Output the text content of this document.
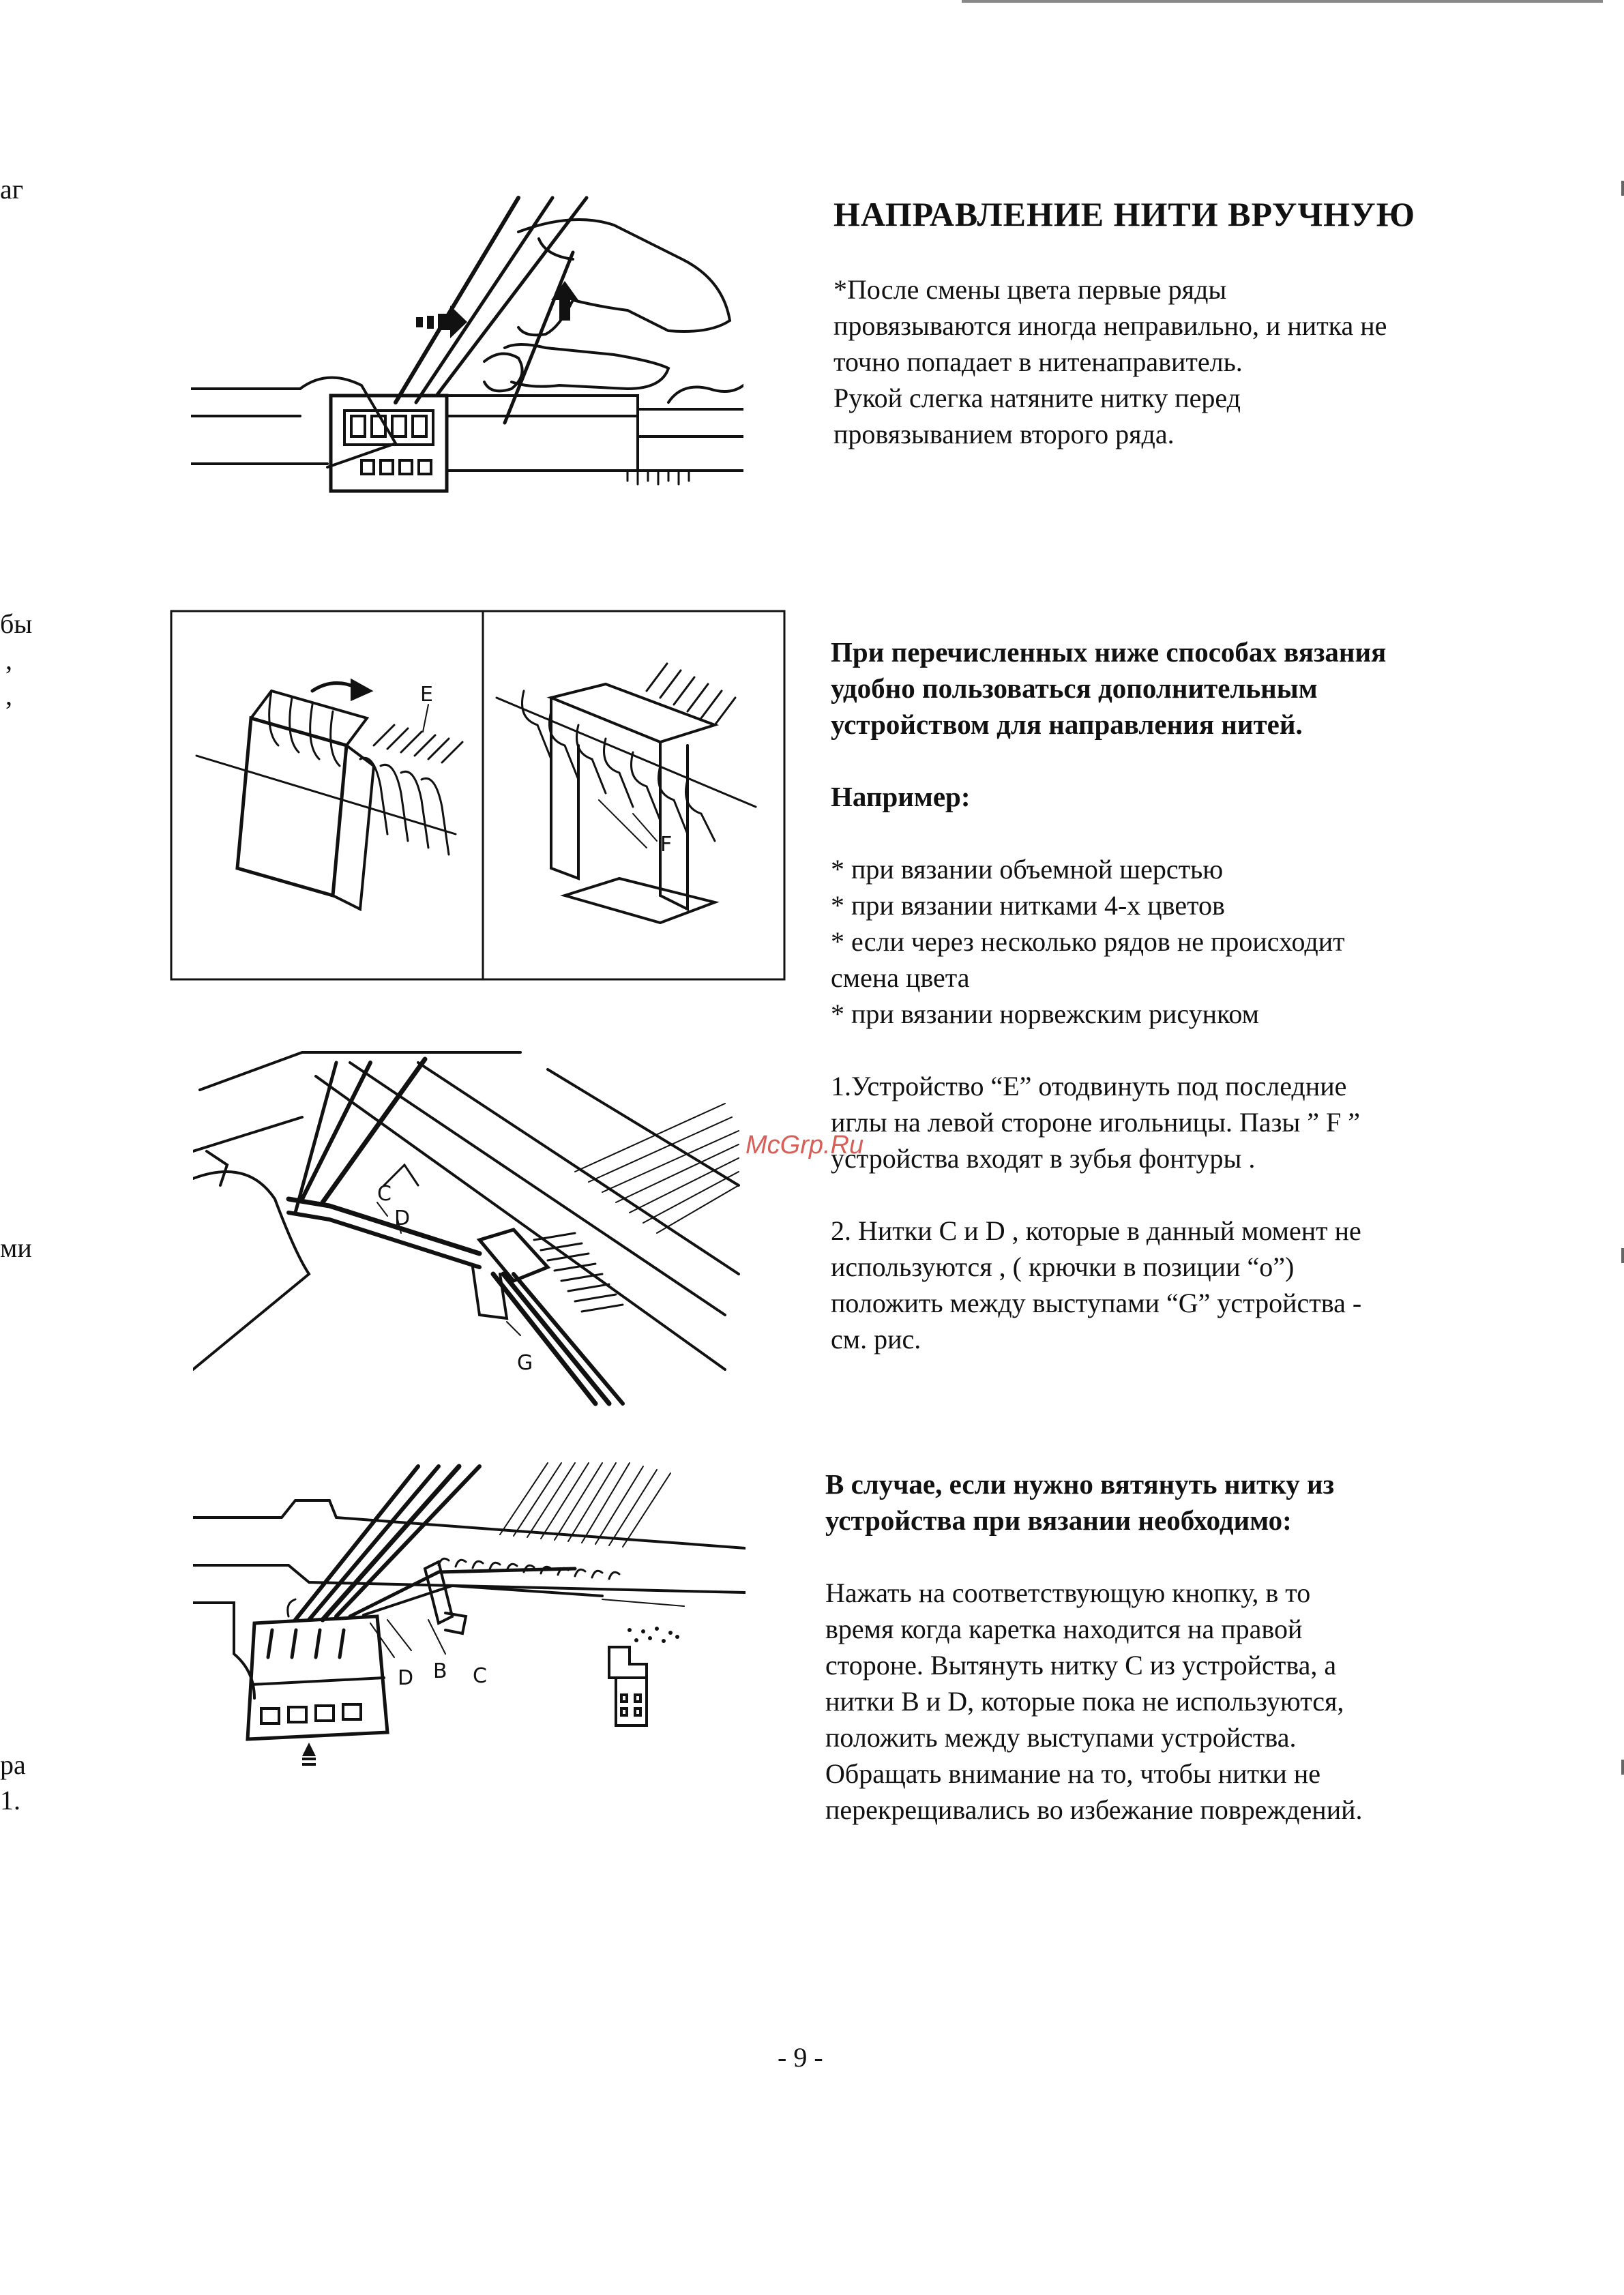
аг
бы
,
,
ми
ра
1.
E
F
C
D
G
D B C
НАПРАВЛЕНИЕ НИТИ ВРУЧНУЮ

*После смены цвета первые ряды

провязываются иногда неправильно, и нитка не

точно попадает в нитенаправитель.

Рукой слегка натяните нитку перед

провязыванием второго ряда.

При перечисленных ниже способах вязания

удобно пользоваться дополнительным

устройством для направления нитей.

Например:

* при вязании объемной шерстью

* при вязании нитками 4-х цветов

* если через несколько рядов не происходит

смена цвета

* при вязании норвежским рисунком

1.Устройство “E” отодвинуть под последние

иглы на левой стороне игольницы. Пазы ” F ”

устройства входят в зубья фонтуры .

2. Нитки C и D , которые в данный момент не

используются , ( крючки в позиции “о”)

положить между выступами “G” устройства -

см. рис.

McGrp.Ru

В случае, если нужно вятянуть нитку из

устройства при вязании необходимо:

Нажать на соответствующую кнопку, в то

время когда каретка находится на правой

стороне. Вытянуть нитку С из устройства, а

нитки В и D, которые пока не используются,

положить между выступами устройства.

Обращать внимание на то, чтобы нитки не

перекрещивались во избежание повреждений.

- 9 -
